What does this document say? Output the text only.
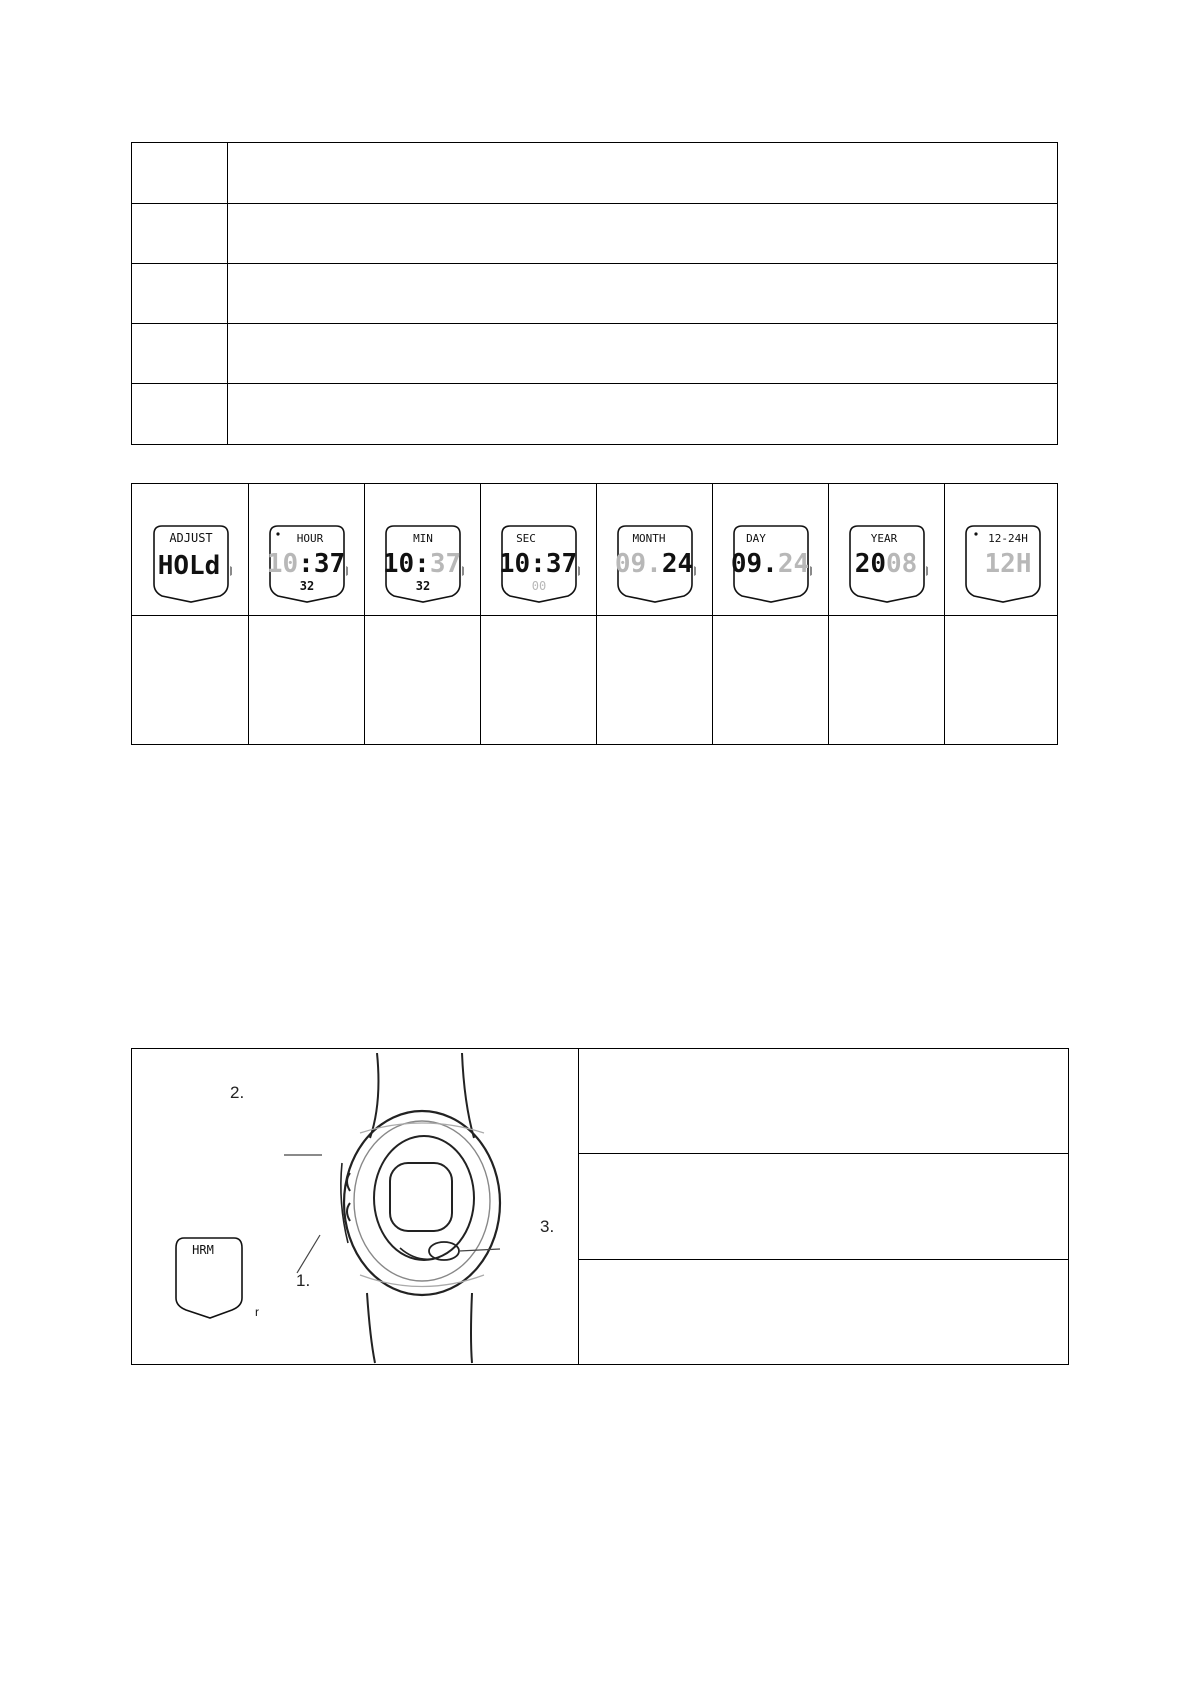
ADJUST
HOLd
HOUR
10:37
32
MIN
10:37
32
SEC
10:37
00
MONTH
09.24
DAY
09.24
YEAR
2008
12-24H
12H
2.
1.
3.
HRM
r
